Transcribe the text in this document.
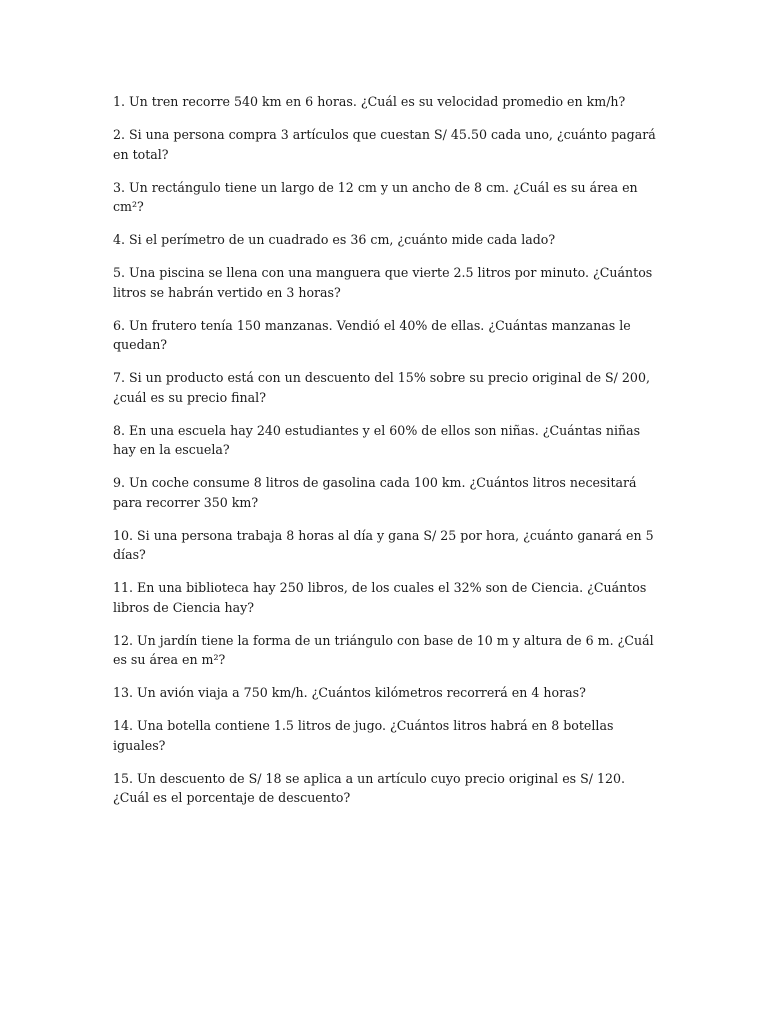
1. Un tren recorre 540 km en 6 horas. ¿Cuál es su velocidad promedio en km/h?
2. Si una persona compra 3 artículos que cuestan S/ 45.50 cada uno, ¿cuánto pagará en total?
3. Un rectángulo tiene un largo de 12 cm y un ancho de 8 cm. ¿Cuál es su área en cm²?
4. Si el perímetro de un cuadrado es 36 cm, ¿cuánto mide cada lado?
5. Una piscina se llena con una manguera que vierte 2.5 litros por minuto. ¿Cuántos litros se habrán vertido en 3 horas?
6. Un frutero tenía 150 manzanas. Vendió el 40% de ellas. ¿Cuántas manzanas le quedan?
7. Si un producto está con un descuento del 15% sobre su precio original de S/ 200, ¿cuál es su precio final?
8. En una escuela hay 240 estudiantes y el 60% de ellos son niñas. ¿Cuántas niñas hay en la escuela?
9. Un coche consume 8 litros de gasolina cada 100 km. ¿Cuántos litros necesitará para recorrer 350 km?
10. Si una persona trabaja 8 horas al día y gana S/ 25 por hora, ¿cuánto ganará en 5 días?
11. En una biblioteca hay 250 libros, de los cuales el 32% son de Ciencia. ¿Cuántos libros de Ciencia hay?
12. Un jardín tiene la forma de un triángulo con base de 10 m y altura de 6 m. ¿Cuál es su área en m²?
13. Un avión viaja a 750 km/h. ¿Cuántos kilómetros recorrerá en 4 horas?
14. Una botella contiene 1.5 litros de jugo. ¿Cuántos litros habrá en 8 botellas iguales?
15. Un descuento de S/ 18 se aplica a un artículo cuyo precio original es S/ 120. ¿Cuál es el porcentaje de descuento?
